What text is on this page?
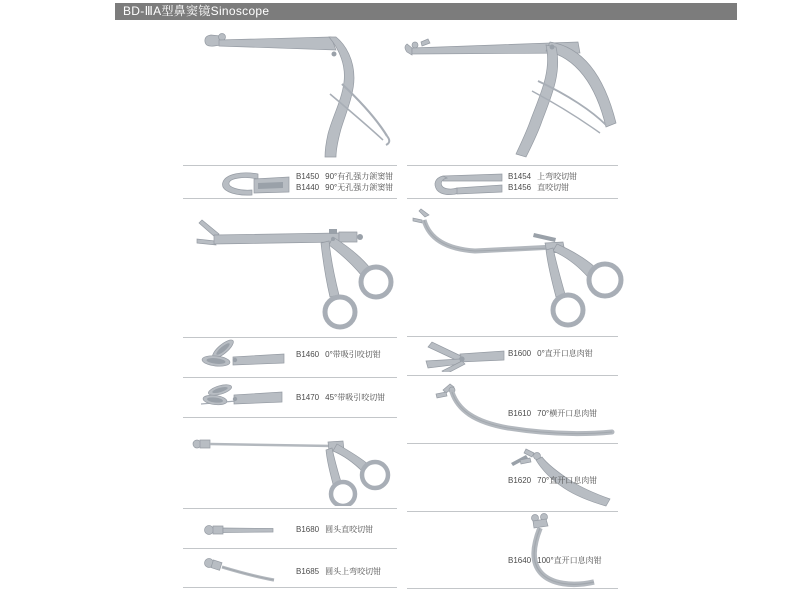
BD-ⅢA型鼻窦镜Sinoscope
B1450 90°有孔强力颌窦钳
B1440 90°无孔强力颌窦钳
B1454 上弯咬切钳
B1456 直咬切钳
B1460 0°带吸引咬切钳
B1470 45°带吸引咬切钳
B1600 0°直开口息肉钳
B1610 70°横开口息肉钳
B1620 70°直开口息肉钳
B1640 100°直开口息肉钳
B1680 圆头直咬切钳
B1685 圆头上弯咬切钳
